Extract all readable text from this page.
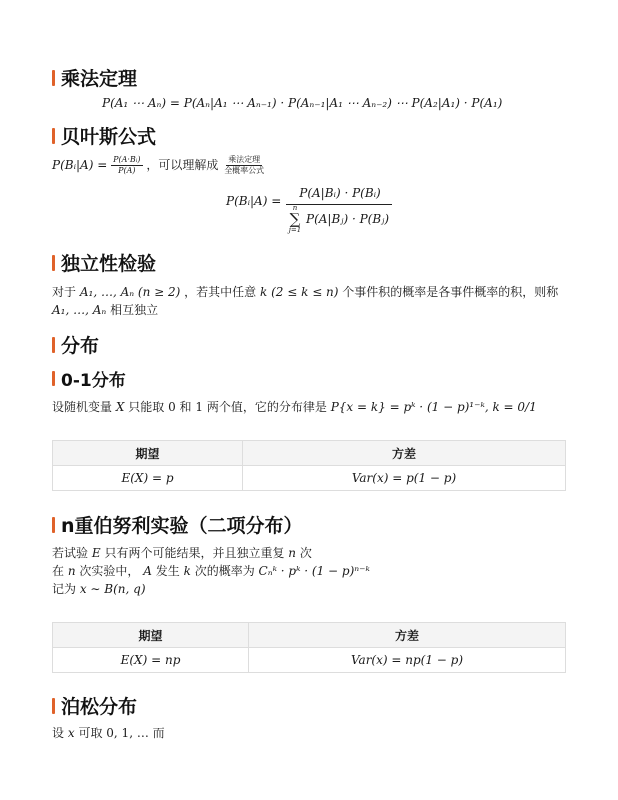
乘法定理
P(A₁ ⋯ Aₙ) = P(Aₙ|A₁ ⋯ Aₙ₋₁) · P(Aₙ₋₁|A₁ ⋯ Aₙ₋₂) ⋯ P(A₂|A₁) · P(A₁)
贝叶斯公式
P(Bᵢ|A) = $\frac{\text{P(A·Bᵢ)}}{P(A)}$ ，可以理解成 $\frac{\text{乘法定理}}{\text{全概率公式}}$
P(Bᵢ|A) =
P(A|Bᵢ) · P(Bᵢ)
n
∑
j=1
P(A|Bⱼ) · P(Bⱼ)
独立性检验
对于 A₁, …, Aₙ (n ≥ 2) ，若其中任意 k (2 ≤ k ≤ n) 个事件积的概率是各事件概率的积，则称
A₁, …, Aₙ 相互独立
分布
0-1分布
设随机变量 X 只能取 0 和 1 两个值，它的分布律是 P{x = k} = pᵏ · (1 − p)¹⁻ᵏ, k = 0/1
期望	方差
E(X) = p	Var(x) = p(1 − p)
n重伯努利实验（二项分布）
若试验 E 只有两个可能结果，并且独立重复 n 次
在 n 次实验中， A 发生 k 次的概率为 Cₙᵏ · pᵏ · (1 − p)ⁿ⁻ᵏ
记为 x ∼ B(n, q)
期望	方差
E(X) = np	Var(x) = np(1 − p)
泊松分布
设 x 可取 0, 1, … 而
